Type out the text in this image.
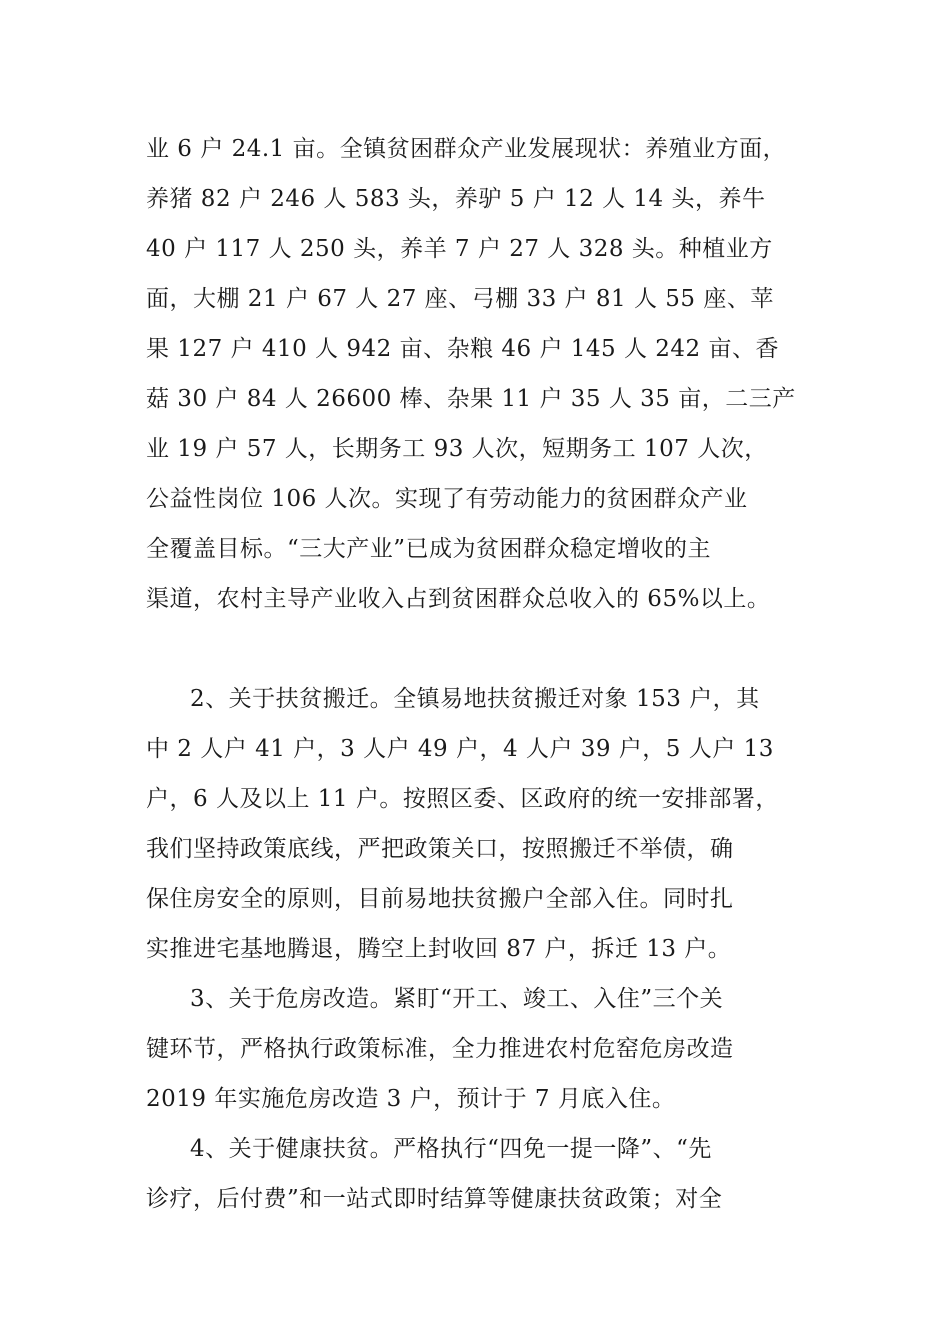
业 6 户 24.1 亩。全镇贫困群众产业发展现状：养殖业方面，
养猪 82 户 246 人 583 头，养驴 5 户 12 人 14 头，养牛
40 户 117 人 250 头，养羊 7 户 27 人 328 头。种植业方
面，大棚 21 户 67 人 27 座、弓棚 33 户 81 人 55 座、苹
果 127 户 410 人 942 亩、杂粮 46 户 145 人 242 亩、香
菇 30 户 84 人 26600 棒、杂果 11 户 35 人 35 亩，二三产
业 19 户 57 人，长期务工 93 人次，短期务工 107 人次，
公益性岗位 106 人次。实现了有劳动能力的贫困群众产业
全覆盖目标。“三大产业”已成为贫困群众稳定增收的主
渠道，农村主导产业收入占到贫困群众总收入的 65%以上。
2、关于扶贫搬迁。全镇易地扶贫搬迁对象 153 户，其
中 2 人户 41 户，3 人户 49 户，4 人户 39 户，5 人户 13
户，6 人及以上 11 户。按照区委、区政府的统一安排部署，
我们坚持政策底线，严把政策关口，按照搬迁不举债，确
保住房安全的原则，目前易地扶贫搬户全部入住。同时扎
实推进宅基地腾退，腾空上封收回 87 户，拆迁 13 户。
3、关于危房改造。紧盯“开工、竣工、入住”三个关
键环节，严格执行政策标准，全力推进农村危窑危房改造
2019 年实施危房改造 3 户，预计于 7 月底入住。
4、关于健康扶贫。严格执行“四免一提一降”、“先
诊疗，后付费”和一站式即时结算等健康扶贫政策；对全
